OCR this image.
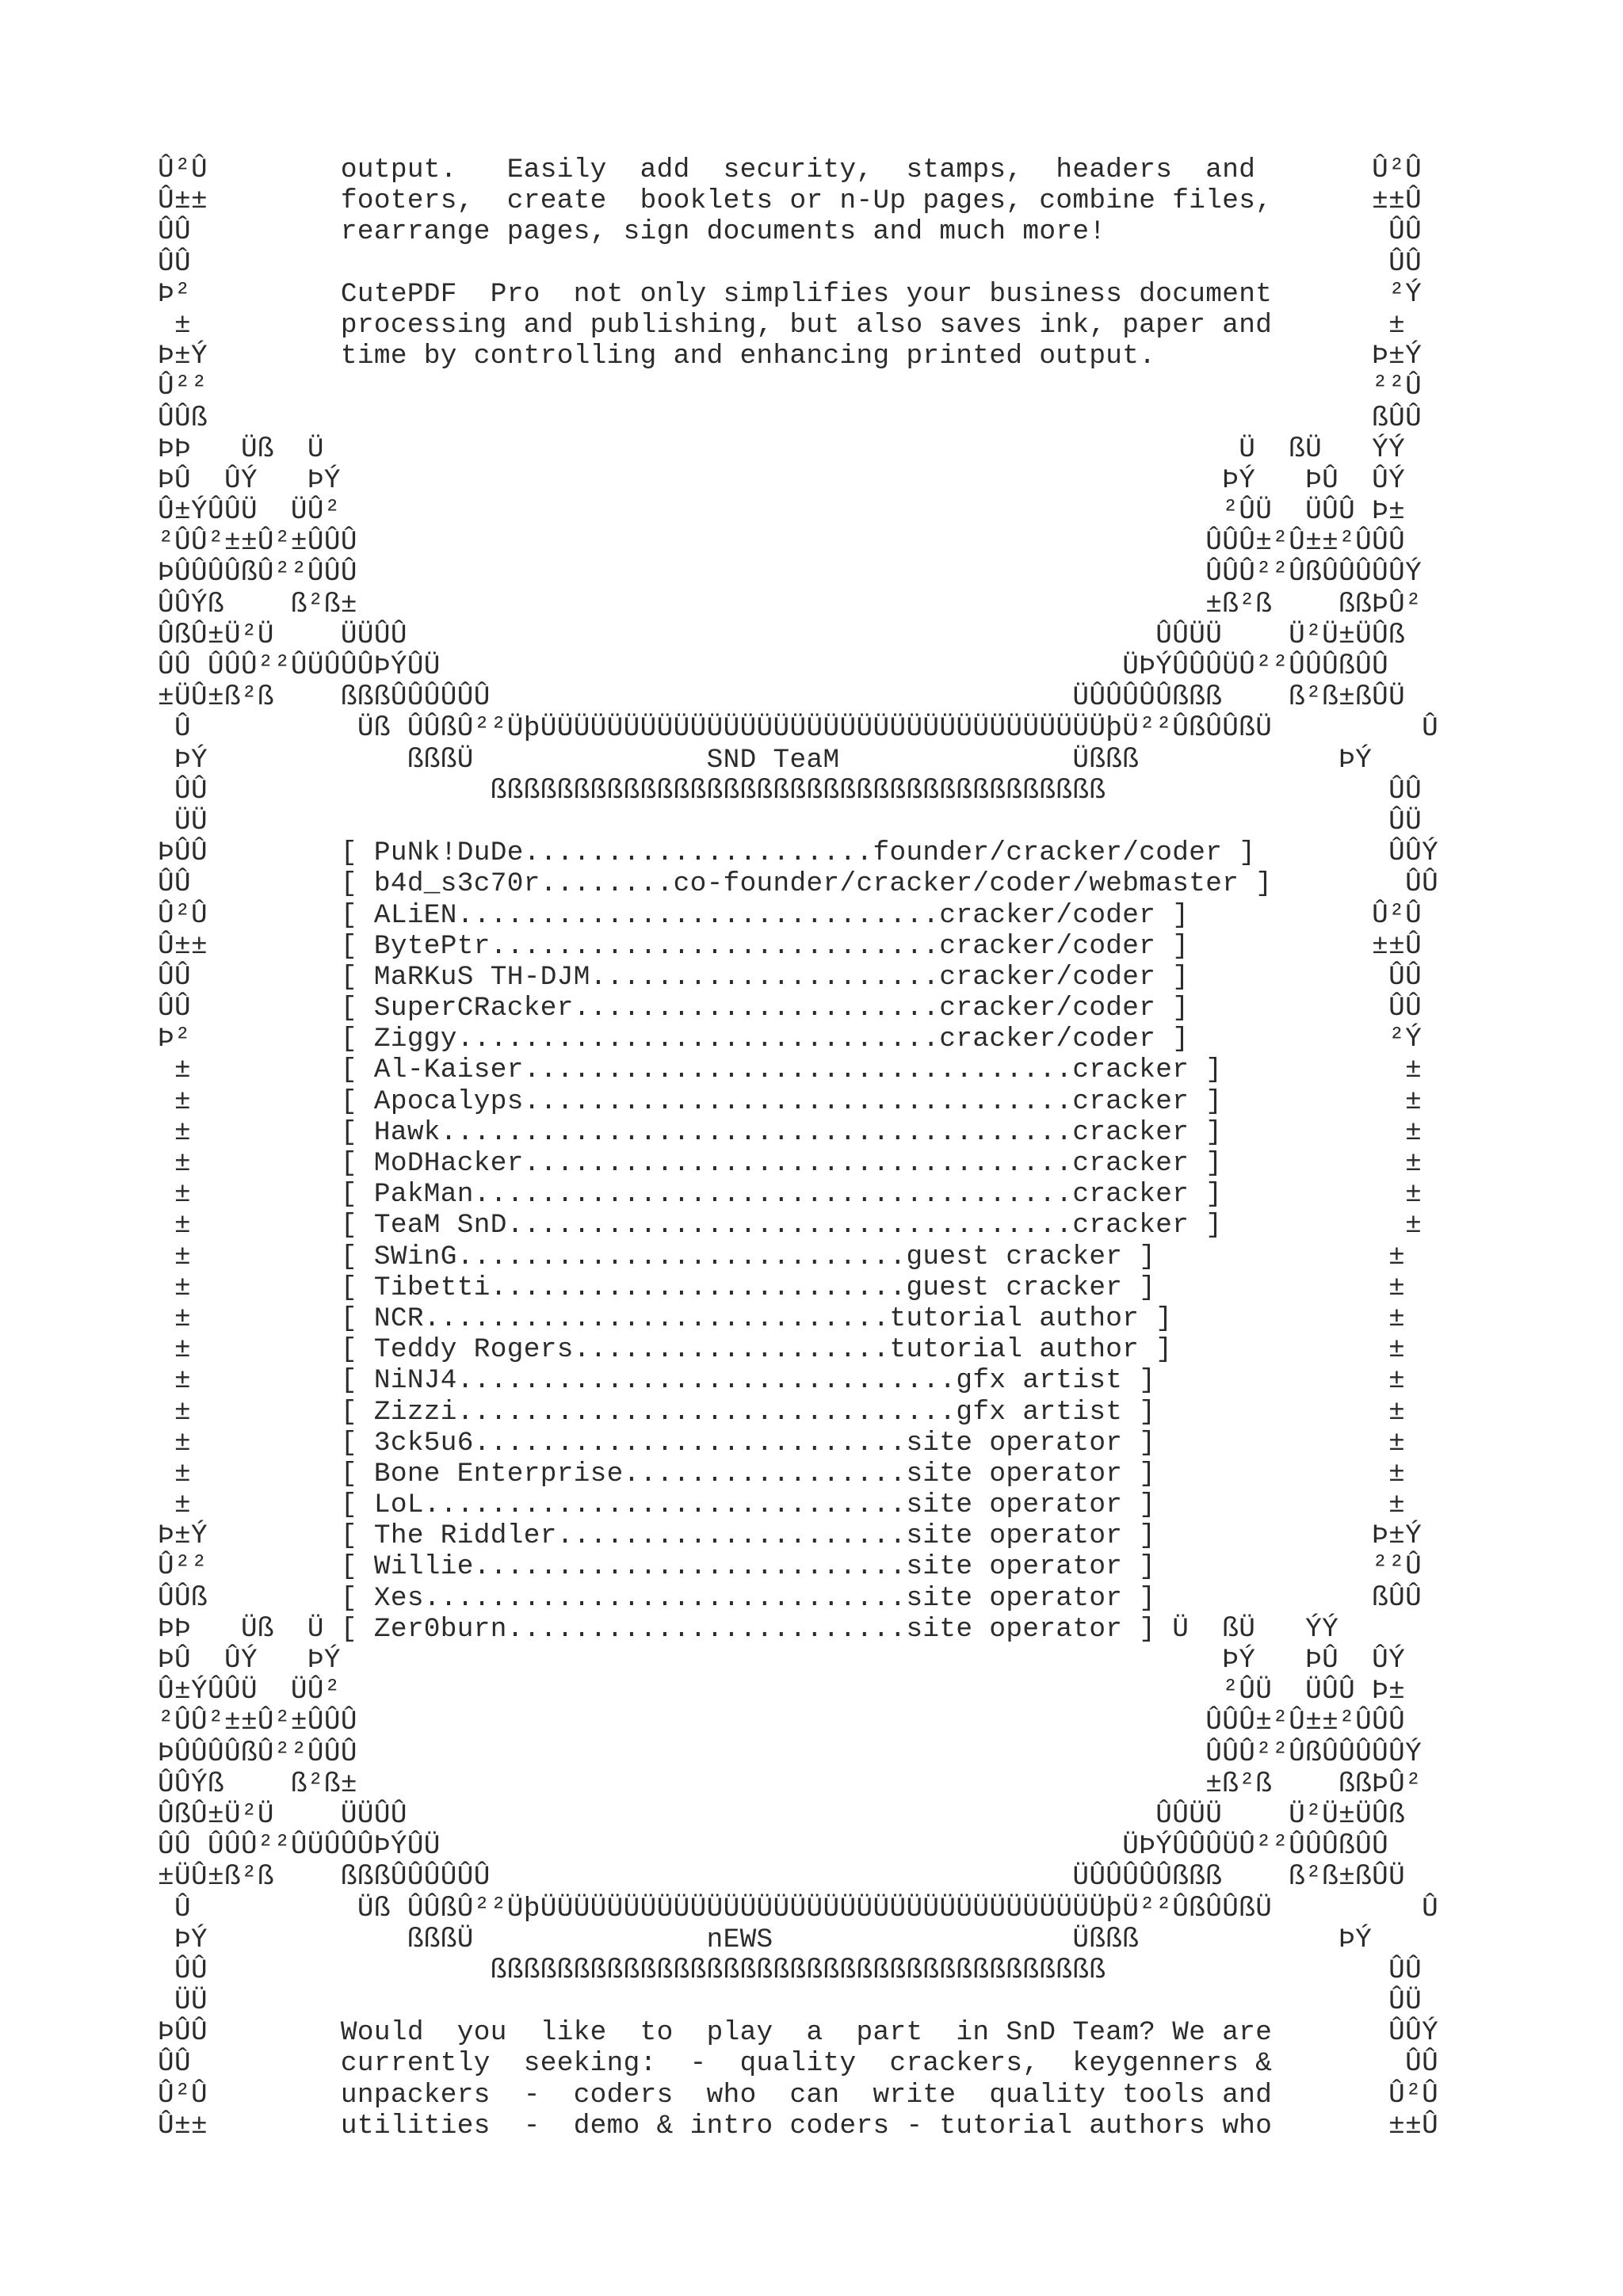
Û²Û        output.   Easily  add  security,  stamps,  headers  and       Û²Û
Û±±        footers,  create  booklets or n-Up pages, combine files,      ±±Û
ÛÛ         rearrange pages, sign documents and much more!                 ÛÛ
ÛÛ                                                                        ÛÛ
Þ²         CutePDF  Pro  not only simplifies your business document       ²Ý
±         processing and publishing, but also saves ink, paper and       ±
Þ±Ý        time by controlling and enhancing printed output.             Þ±Ý
Û²²                                                                      ²²Û
ÛÛß                                                                      ßÛÛ
ÞÞ   Üß  Ü                                                       Ü  ßÜ   ÝÝ
ÞÛ  ÛÝ   ÞÝ                                                     ÞÝ   ÞÛ  ÛÝ
Û±ÝÛÛÜ  ÜÛ²                                                     ²ÛÜ  ÜÛÛ Þ±
²ÛÛ²±±Û²±ÛÛÛ                                                   ÛÛÛ±²Û±±²ÛÛÛ
ÞÛÛÛÛßÛ²²ÛÛÛ                                                   ÛÛÛ²²ÛßÛÛÛÛÛÝ
ÛÛÝß    ß²ß±                                                   ±ß²ß    ßßÞÛ²
ÛßÛ±Ü²Ü    ÜÜÛÛ                                             ÛÛÜÜ    Ü²Ü±ÜÛß
ÛÛ ÛÛÛ²²ÛÜÛÛÛÞÝÛÜ                                         ÜÞÝÛÛÛÜÛ²²ÛÛÛßÛÛ
±ÜÛ±ß²ß    ßßßÛÛÛÛÛÛ                                   ÜÛÛÛÛÛßßß    ß²ß±ßÛÜ
Û          Üß ÛÛßÛ²²ÜþÜÜÜÜÜÜÜÜÜÜÜÜÜÜÜÜÜÜÜÜÜÜÜÜÜÜÜÜÜÜÜÜÜÜþÜ²²ÛßÛÛßÜ         Û
ÞÝ            ßßßÜ              SND TeaM              Üßßß            ÞÝ
ÛÛ                 ßßßßßßßßßßßßßßßßßßßßßßßßßßßßßßßßßßßßß                 ÛÛ
ÜÜ                                                                       ÛÜ
ÞÛÛ        [ PuNk!DuDe.....................founder/cracker/coder ]        ÛÛÝ
ÛÛ         [ b4d_s3c70r........co-founder/cracker/coder/webmaster ]        ÛÛ
Û²Û        [ ALiEN.............................cracker/coder ]           Û²Û
Û±±        [ BytePtr...........................cracker/coder ]           ±±Û
ÛÛ         [ MaRKuS TH-DJM.....................cracker/coder ]            ÛÛ
ÛÛ         [ SuperCRacker......................cracker/coder ]            ÛÛ
Þ²         [ Ziggy.............................cracker/coder ]            ²Ý
±         [ Al-Kaiser.................................cracker ]           ±
±         [ Apocalyps.................................cracker ]           ±
±         [ Hawk......................................cracker ]           ±
±         [ MoDHacker.................................cracker ]           ±
±         [ PakMan....................................cracker ]           ±
±         [ TeaM SnD..................................cracker ]           ±
±         [ SWinG...........................guest cracker ]              ±
±         [ Tibetti.........................guest cracker ]              ±
±         [ NCR............................tutorial author ]             ±
±         [ Teddy Rogers...................tutorial author ]             ±
±         [ NiNJ4..............................gfx artist ]              ±
±         [ Zizzi..............................gfx artist ]              ±
±         [ 3ck5u6..........................site operator ]              ±
±         [ Bone Enterprise.................site operator ]              ±
±         [ LoL.............................site operator ]              ±
Þ±Ý        [ The Riddler.....................site operator ]             Þ±Ý
Û²²        [ Willie..........................site operator ]             ²²Û
ÛÛß        [ Xes.............................site operator ]             ßÛÛ
ÞÞ   Üß  Ü [ Zer0burn........................site operator ] Ü  ßÜ   ÝÝ
ÞÛ  ÛÝ   ÞÝ                                                     ÞÝ   ÞÛ  ÛÝ
Û±ÝÛÛÜ  ÜÛ²                                                     ²ÛÜ  ÜÛÛ Þ±
²ÛÛ²±±Û²±ÛÛÛ                                                   ÛÛÛ±²Û±±²ÛÛÛ
ÞÛÛÛÛßÛ²²ÛÛÛ                                                   ÛÛÛ²²ÛßÛÛÛÛÛÝ
ÛÛÝß    ß²ß±                                                   ±ß²ß    ßßÞÛ²
ÛßÛ±Ü²Ü    ÜÜÛÛ                                             ÛÛÜÜ    Ü²Ü±ÜÛß
ÛÛ ÛÛÛ²²ÛÜÛÛÛÞÝÛÜ                                         ÜÞÝÛÛÛÜÛ²²ÛÛÛßÛÛ
±ÜÛ±ß²ß    ßßßÛÛÛÛÛÛ                                   ÜÛÛÛÛÛßßß    ß²ß±ßÛÜ
Û          Üß ÛÛßÛ²²ÜþÜÜÜÜÜÜÜÜÜÜÜÜÜÜÜÜÜÜÜÜÜÜÜÜÜÜÜÜÜÜÜÜÜÜþÜ²²ÛßÛÛßÜ         Û
ÞÝ            ßßßÜ              nEWS                  Üßßß            ÞÝ
ÛÛ                 ßßßßßßßßßßßßßßßßßßßßßßßßßßßßßßßßßßßßß                 ÛÛ
ÜÜ                                                                       ÛÜ
ÞÛÛ        Would  you  like  to  play  a  part  in SnD Team? We are       ÛÛÝ
ÛÛ         currently  seeking:  -  quality  crackers,  keygenners &        ÛÛ
Û²Û        unpackers  -  coders  who  can  write  quality tools and       Û²Û
Û±±        utilities  -  demo & intro coders - tutorial authors who       ±±Û
